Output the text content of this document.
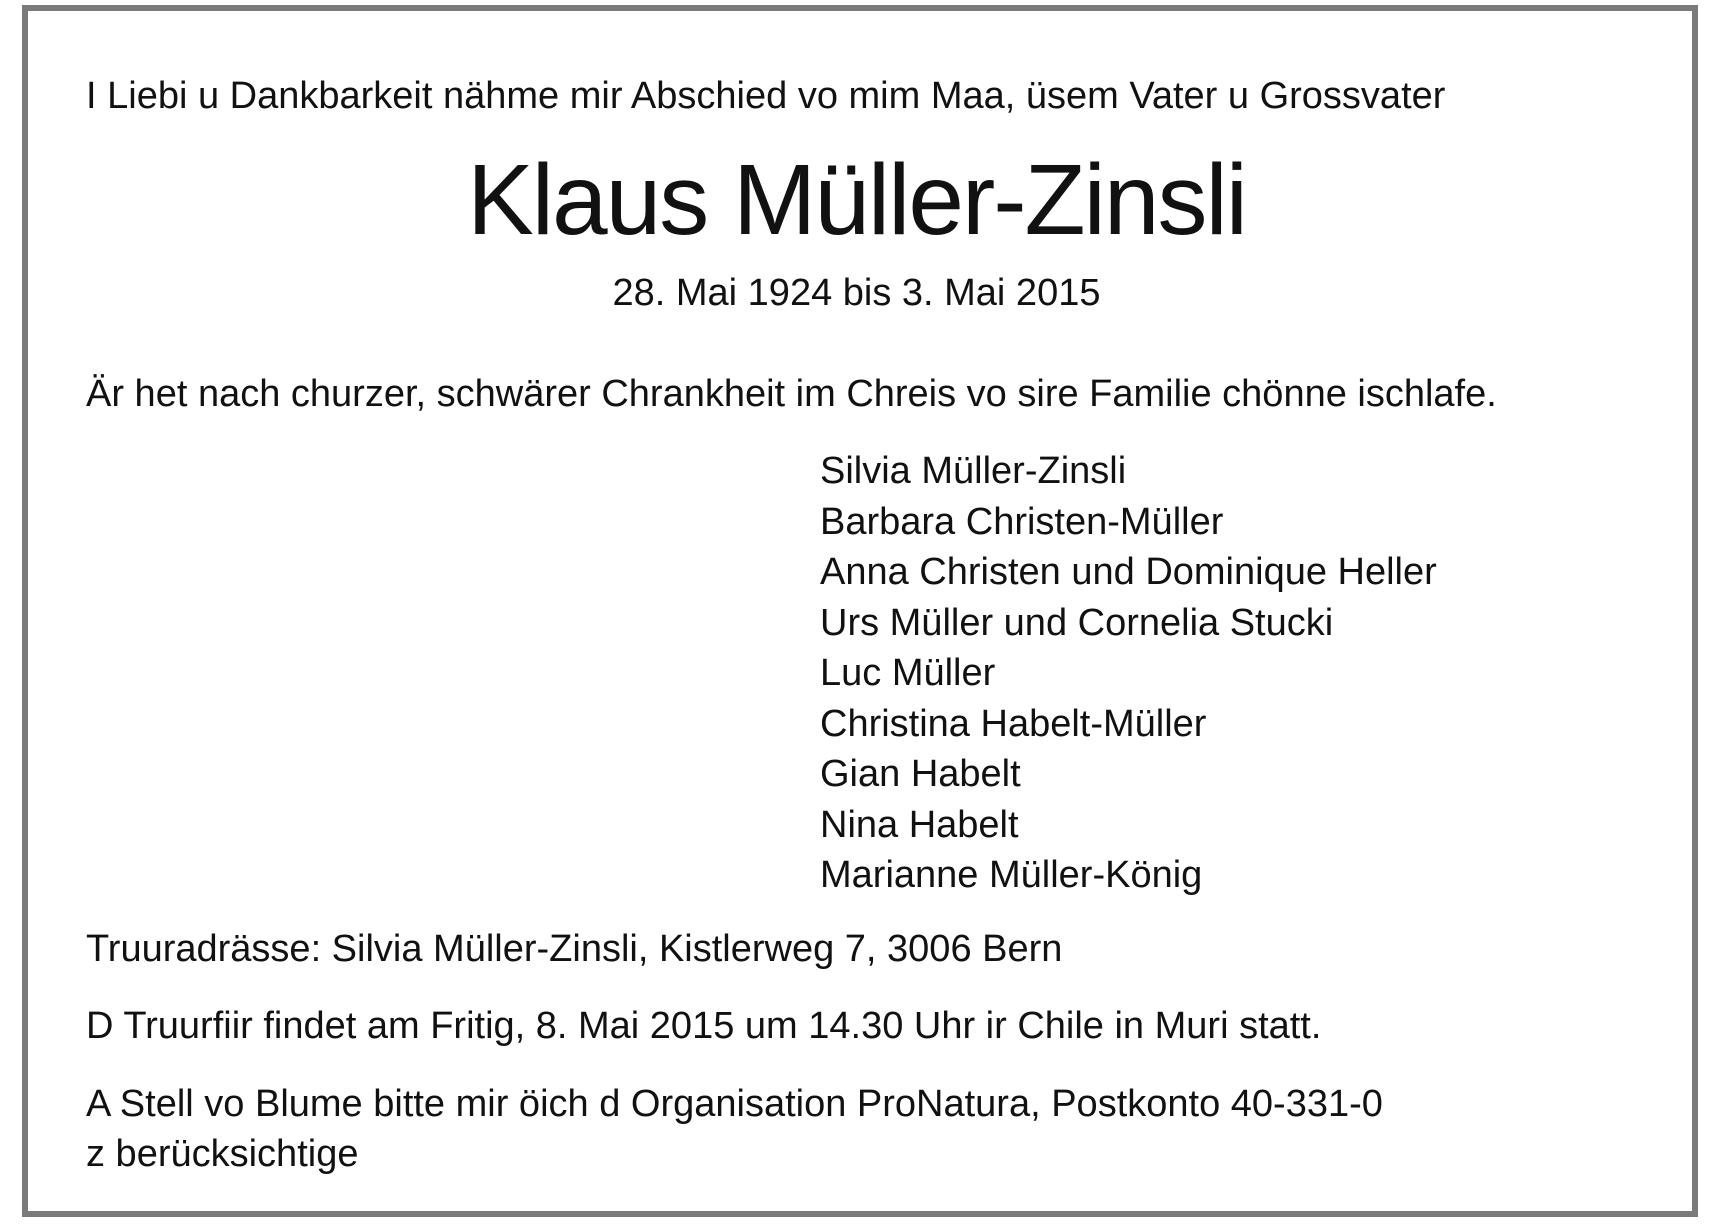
I Liebi u Dankbarkeit nähme mir Abschied vo mim Maa, üsem Vater u Grossvater
Klaus Müller-Zinsli
28. Mai 1924 bis 3. Mai 2015
Är het nach churzer, schwärer Chrankheit im Chreis vo sire Familie chönne ischlafe.
Silvia Müller-Zinsli
Barbara Christen-Müller
Anna Christen und Dominique Heller
Urs Müller und Cornelia Stucki
Luc Müller
Christina Habelt-Müller
Gian Habelt
Nina Habelt
Marianne Müller-König
Truuradrässe: Silvia Müller-Zinsli, Kistlerweg 7, 3006 Bern
D Truurfiir findet am Fritig, 8. Mai 2015 um 14.30 Uhr ir Chile in Muri statt.
A Stell vo Blume bitte mir öich d Organisation ProNatura, Postkonto 40-331-0
z berücksichtige
